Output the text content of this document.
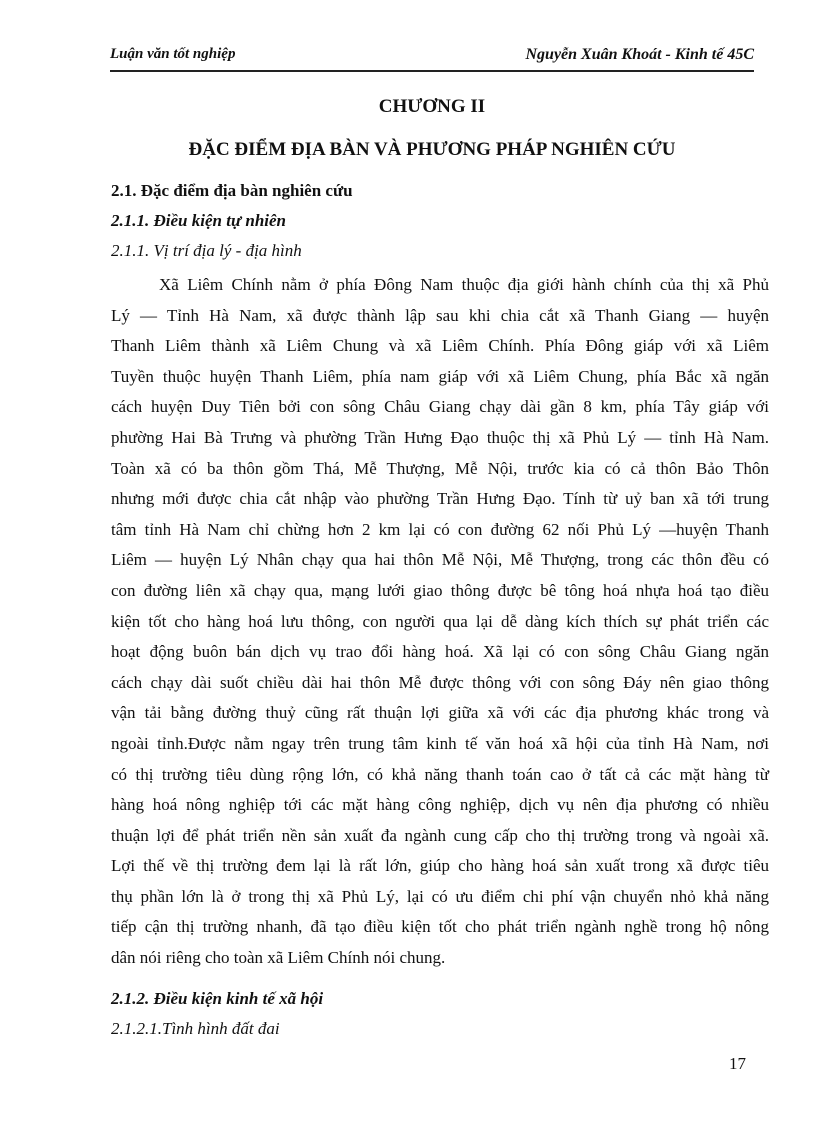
Luận văn tốt nghiệp	Nguyễn Xuân Khoát - Kinh tế 45C
CHƯƠNG II
ĐẶC ĐIỂM ĐỊA BÀN VÀ PHƯƠNG PHÁP NGHIÊN CỨU
2.1. Đặc điểm địa bàn nghiên cứu
2.1.1. Điều kiện tự nhiên
2.1.1. Vị trí địa lý - địa hình
Xã Liêm Chính nằm ở phía Đông Nam thuộc địa giới hành chính của thị xã Phủ
Lý — Tỉnh Hà Nam, xã được thành lập sau khi chia cắt xã Thanh Giang — huyện
Thanh Liêm thành xã Liêm Chung và xã Liêm Chính. Phía Đông giáp với xã Liêm
Tuyền thuộc huyện Thanh Liêm, phía nam giáp với xã Liêm Chung, phía Bắc xã ngăn
cách huyện Duy Tiên bởi con sông Châu Giang chạy dài gần 8 km, phía Tây giáp với
phường Hai Bà Trưng và phường Trần Hưng Đạo thuộc thị xã Phủ Lý — tỉnh Hà Nam.
Toàn xã có ba thôn gồm Thá, Mễ Thượng, Mễ Nội, trước kia có cả thôn Bảo Thôn
nhưng mới được chia cắt nhập vào phường Trần Hưng Đạo. Tính từ uỷ ban xã tới trung
tâm tỉnh Hà Nam chỉ chừng hơn 2 km lại có con đường 62 nối Phủ Lý —huyện Thanh
Liêm — huyện Lý Nhân chạy qua hai thôn Mễ Nội, Mễ Thượng, trong các thôn đều có
con đường liên xã chạy qua, mạng lưới giao thông được bê tông hoá nhựa hoá tạo điều
kiện tốt cho hàng hoá lưu thông, con người qua lại dễ dàng kích thích sự phát triển các
hoạt động buôn bán dịch vụ trao đổi hàng hoá. Xã lại có con sông Châu Giang ngăn
cách chạy dài suốt chiều dài hai thôn Mễ được thông với con sông Đáy nên giao thông
vận tải bằng đường thuỷ cũng rất thuận lợi giữa xã với các địa phương khác trong và
ngoài tỉnh.Được nằm ngay trên trung tâm kinh tế văn hoá xã hội của tỉnh Hà Nam, nơi
có thị trường tiêu dùng rộng lớn, có khả năng thanh toán cao ở tất cả các mặt hàng từ
hàng hoá nông nghiệp tới các mặt hàng công nghiệp, dịch vụ nên địa phương có nhiều
thuận lợi để phát triển nền sản xuất đa ngành cung cấp cho thị trường trong và ngoài xã.
Lợi thế về thị trường đem lại là rất lớn, giúp cho hàng hoá sản xuất trong xã được tiêu
thụ phần lớn là ở trong thị xã Phủ Lý, lại có ưu điểm chi phí vận chuyển nhỏ khả năng
tiếp cận thị trường nhanh, đã tạo điều kiện tốt cho phát triển ngành nghề trong hộ nông
dân nói riêng cho toàn xã Liêm Chính nói chung.
2.1.2. Điều kiện kinh tế xã hội
2.1.2.1.Tình hình đất đai
17
